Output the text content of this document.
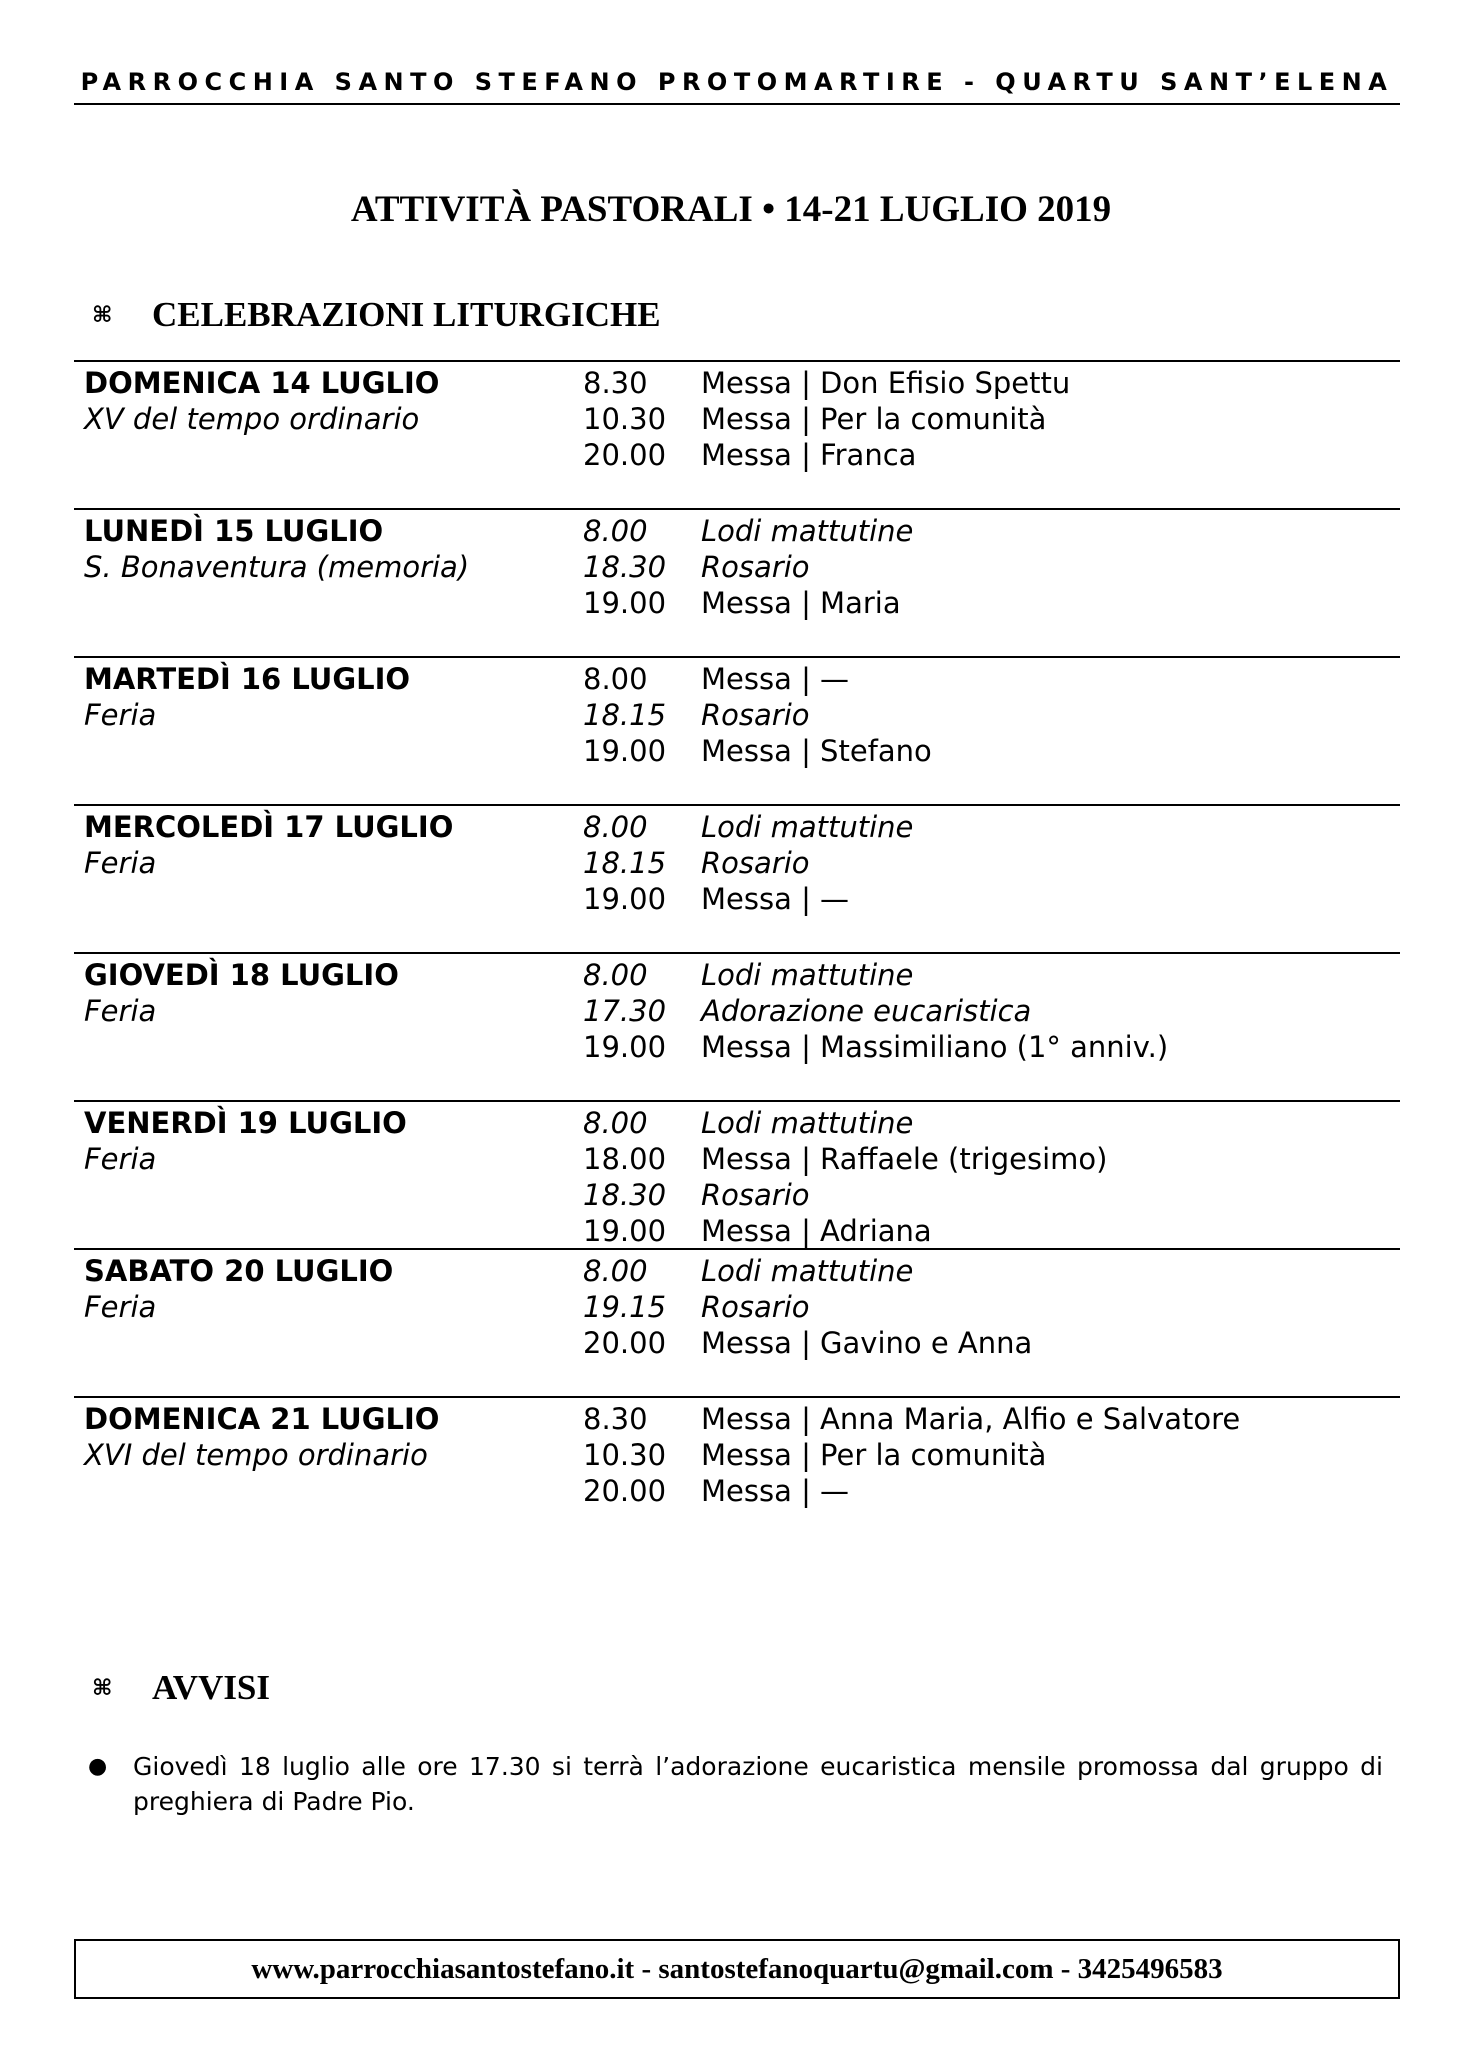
PARROCCHIA SANTO STEFANO PROTOMARTIRE - QUARTU SANT’ELENA
ATTIVITÀ PASTORALI • 14-21 LUGLIO 2019
⌘	CELEBRAZIONI LITURGICHE
DOMENICA 14 LUGLIO
XV del tempo ordinario
8.30	Messa | Don Efisio Spettu
10.30	Messa | Per la comunità
20.00	Messa | Franca
LUNEDÌ 15 LUGLIO
S. Bonaventura (memoria)
8.00	Lodi mattutine
18.30	Rosario
19.00	Messa | Maria
MARTEDÌ 16 LUGLIO
Feria
8.00	Messa | —
18.15	Rosario
19.00	Messa | Stefano
MERCOLEDÌ 17 LUGLIO
Feria
8.00	Lodi mattutine
18.15	Rosario
19.00	Messa | —
GIOVEDÌ 18 LUGLIO
Feria
8.00	Lodi mattutine
17.30	Adorazione eucaristica
19.00	Messa | Massimiliano (1° anniv.)
VENERDÌ 19 LUGLIO
Feria
8.00	Lodi mattutine
18.00	Messa | Raffaele (trigesimo)
18.30	Rosario
19.00	Messa | Adriana
SABATO 20 LUGLIO
Feria
8.00	Lodi mattutine
19.15	Rosario
20.00	Messa | Gavino e Anna
DOMENICA 21 LUGLIO
XVI del tempo ordinario
8.30	Messa | Anna Maria, Alfio e Salvatore
10.30	Messa | Per la comunità
20.00	Messa | —
⌘	AVVISI
●	Giovedì 18 luglio alle ore 17.30 si terrà l’adorazione eucaristica mensile promossa dal gruppo di preghiera di Padre Pio.
www.parrocchiasantostefano.it - santostefanoquartu@gmail.com - 3425496583
